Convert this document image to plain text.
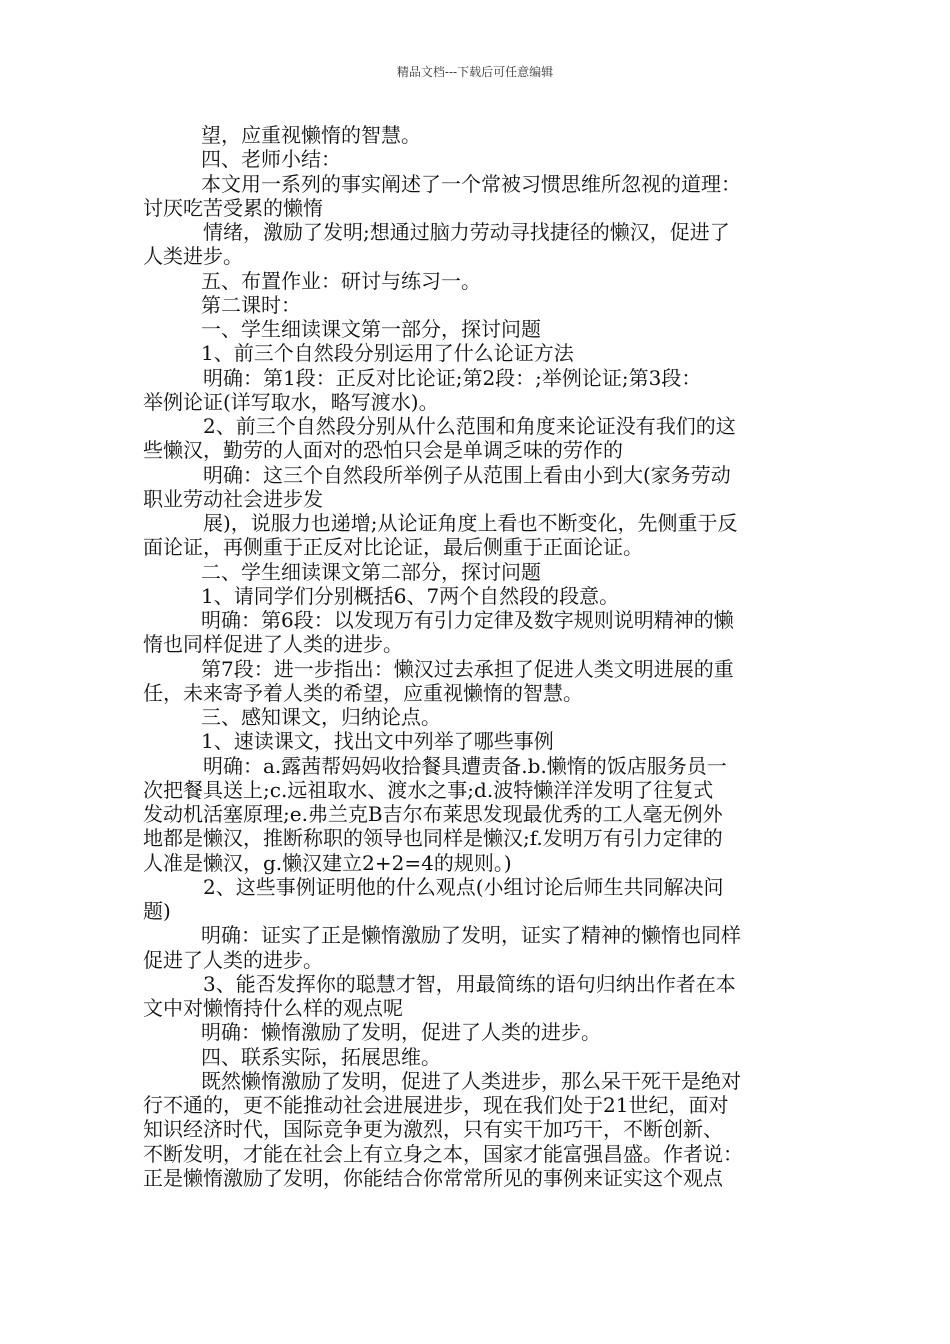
精品文档---下载后可任意编辑
望，应重视懒惰的智慧。
四、老师小结：
本文用一系列的事实阐述了一个常被习惯思维所忽视的道理：
讨厌吃苦受累的懒惰
情绪，激励了发明;想通过脑力劳动寻找捷径的懒汉，促进了
人类进步。
五、布置作业：研讨与练习一。
第二课时：
一、学生细读课文第一部分，探讨问题
1、前三个自然段分别运用了什么论证方法
明确：第1段：正反对比论证;第2段：;举例论证;第3段：
举例论证(详写取水，略写渡水)。
2、前三个自然段分别从什么范围和角度来论证没有我们的这
些懒汉，勤劳的人面对的恐怕只会是单调乏味的劳作的
明确：这三个自然段所举例子从范围上看由小到大(家务劳动
职业劳动社会进步发
展)，说服力也递增;从论证角度上看也不断变化，先侧重于反
面论证，再侧重于正反对比论证，最后侧重于正面论证。
二、学生细读课文第二部分，探讨问题
1、请同学们分别概括6、7两个自然段的段意。
明确：第6段：以发现万有引力定律及数字规则说明精神的懒
惰也同样促进了人类的进步。
第7段：进一步指出：懒汉过去承担了促进人类文明进展的重
任，未来寄予着人类的希望，应重视懒惰的智慧。
三、感知课文，归纳论点。
1、速读课文，找出文中列举了哪些事例
明确：a.露茜帮妈妈收拾餐具遭责备.b.懒惰的饭店服务员一
次把餐具送上;c.远祖取水、渡水之事;d.波特懒洋洋发明了往复式
发动机活塞原理;e.弗兰克B吉尔布莱思发现最优秀的工人毫无例外
地都是懒汉，推断称职的领导也同样是懒汉;f.发明万有引力定律的
人准是懒汉，g.懒汉建立2+2=4的规则。)
2、这些事例证明他的什么观点(小组讨论后师生共同解决问
题)
明确：证实了正是懒惰激励了发明，证实了精神的懒惰也同样
促进了人类的进步。
3、能否发挥你的聪慧才智，用最简练的语句归纳出作者在本
文中对懒惰持什么样的观点呢
明确：懒惰激励了发明，促进了人类的进步。
四、联系实际，拓展思维。
既然懒惰激励了发明，促进了人类进步，那么呆干死干是绝对
行不通的，更不能推动社会进展进步，现在我们处于21世纪，面对
知识经济时代，国际竞争更为激烈，只有实干加巧干，不断创新、
不断发明，才能在社会上有立身之本，国家才能富强昌盛。作者说：
正是懒惰激励了发明，你能结合你常常所见的事例来证实这个观点
